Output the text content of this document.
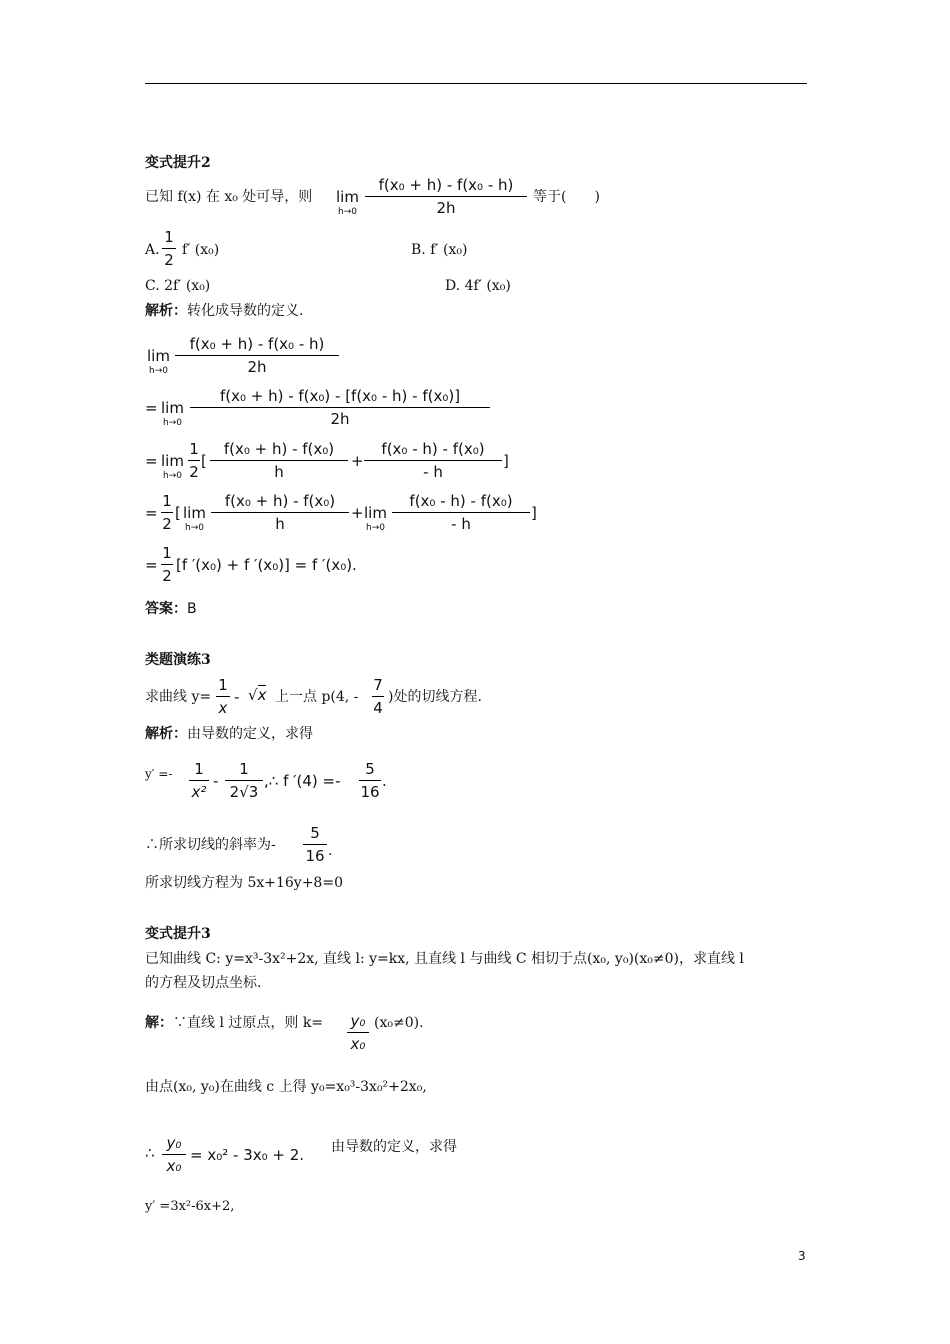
变式提升2
已知 f(x) 在 x₀ 处可导，则 lim
h→0
f(x₀ + h) - f(x₀ - h)
2h
等于(　　)
A.
1
2
f′ (x₀)	B. f′ (x₀)
C. 2f′ (x₀)	D. 4f′ (x₀)
解析：转化成导数的定义.
lim
h→0
f(x₀ + h) - f(x₀ - h)
2h
= lim
h→0
f(x₀ + h) - f(x₀) - [f(x₀ - h) - f(x₀)]
2h
= lim
h→0
1
2
[
f(x₀ + h) - f(x₀)
h
+
f(x₀ - h) - f(x₀)
- h
]
=
1
2
[ lim
h→0
f(x₀ + h) - f(x₀)
h
+ lim
h→0
f(x₀ - h) - f(x₀)
- h
]
=
1
2
[f ′(x₀) + f ′(x₀)] = f ′(x₀).
答案：B
类题演练3
求曲线 y=
1
x
- √x 上一点 p(4, -
7
4
)处的切线方程.
解析：由导数的定义，求得
y′ =-	1
x²
-
1
2√3
,∴ f ′(4) =-
5
16
.
∴所求切线的斜率为-
5
16 .
所求切线方程为 5x+16y+8=0
变式提升3
已知曲线 C: y=x³-3x²+2x, 直线 l: y=kx, 且直线 l 与曲线 C 相切于点(x₀, y₀)(x₀≠0)，求直线 l
的方程及切点坐标.
解：∵直线 l 过原点，则 k= y₀
x₀
(x₀≠0).
由点(x₀, y₀)在曲线 c 上得 y₀=x₀³-3x₀²+2x₀,
∴
y₀
x₀
= x₀² - 3x₀ + 2. 由导数的定义，求得
y′ =3x²-6x+2,
3
